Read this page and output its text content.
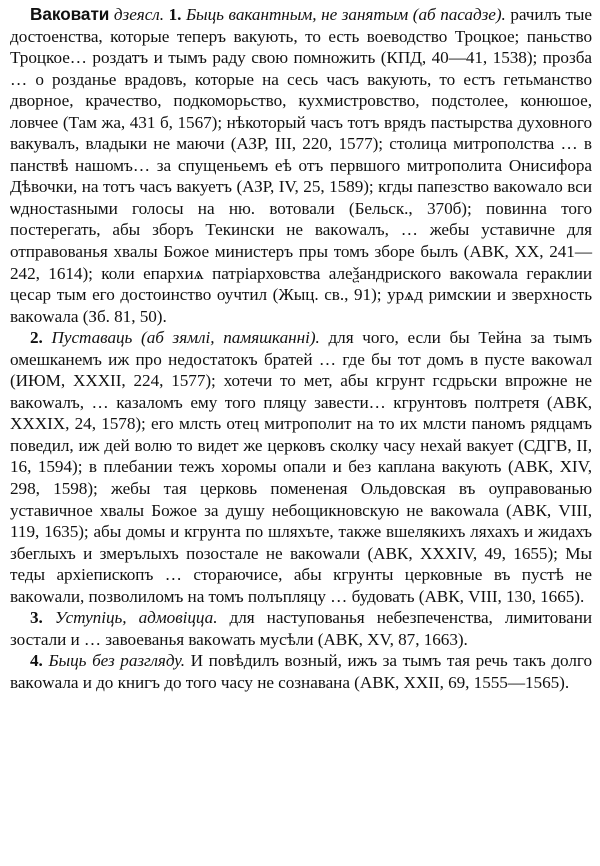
Ваковати дзеясл. 1. Быць вакантным, не занятым (аб пасадзе). рачилъ тые достоенства, которые теперъ вакують, то есть воеводство Троцкое; паньство Троцкое… роздатъ и тымъ раду свою помножить (КПД, 40—41, 1538); прозба … о розданье врадовъ, которые на сесь часъ вакують, то естъ гетьманство дворное, крачество, подкоморьство, кухмистровство, подстолее, конюшое, ловчее (Там жа, 431 б, 1567); нѣкоторый часъ тотъ врядъ пастырства духовного вакувалъ, владыки не маючи (АЗР, III, 220, 1577); столица митрополства … в панствѣ нашомъ… за спущеньемъ еѣ отъ первшого митрополита Онисифора Дѣвочки, на тотъ часъ вакуетъ (АЗР, IV, 25, 1589); кгды папезство вакowало вси ѡдностаѕными голосы на ню. вотовали (Бельск., 370б); повинна того постерегать, абы зборъ Текински не вакowалъ, … жебы уставичне для отправованья хвалы Божое министеръ пры томъ зборе былъ (АВК, XX, 241—242, 1614); коли епархиѧ патріарховства алеѯандриского вакowала гераклии цесар тым его достоинство оучтил (Жыц. св., 91); урѧд римскии и зверхность вакowала (Зб. 81, 50).

2. Пуставаць (аб зямлі, памяшканні). для чого, если бы Тейна за тымъ омешканемъ иж про недостатокъ братей … где бы тот домъ в пусте вакowал (ИЮМ, XXXII, 224, 1577); хотечи то мет, абы кгрунт гсдрьски впрожне не вакowалъ, … казаломъ ему того пляцу завести… кгрунтовъ полтретя (АВК, XXXIX, 24, 1578); его млсть отец митрополит на то их млсти паномъ рядцамъ поведил, иж дей волю то видет же церковъ сколку часу нехай вакует (СДГВ, II, 16, 1594); в плебании тежъ хоромы опали и без каплана вакують (АВК, XIV, 298, 1598); жебы тая церковь помененая Ольдовская въ оуправованью уставичное хвалы Божое за душу небощикновскую не вакowала (АВК, VIII, 119, 1635); абы домы и кгрунта по шляхъте, также вшелякихъ ляхахъ и жидахъ збеглыхъ и змерълыхъ позостале не вакowали (АВК, XXXIV, 49, 1655); Мы теды архіепископъ … стораючисе, абы кгрунты церковные въ пустѣ не вакowали, позволиломъ на томъ полъпляцу … будовать (АВК, VIII, 130, 1665).

3. Уступіць, адмовіцца. для наступованья небезпеченства, лимитовани зостали и … завоеванья вакowать мусѣли (АВК, XV, 87, 1663).

4. Быць без разгляду. И повѣдилъ возный, ижъ за тымъ тая речь такъ долго вакowала и до книгъ до того часу не сознавана (АВК, XXII, 69, 1555—1565).
